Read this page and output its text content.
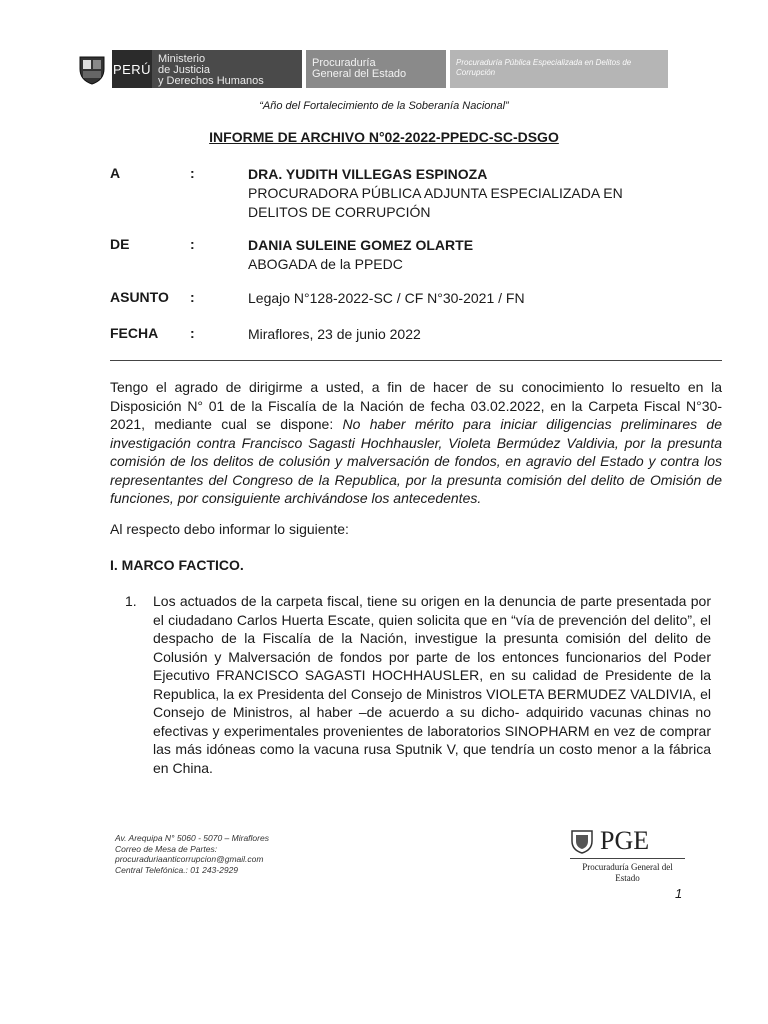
PERÚ
Ministerio
de Justicia
y Derechos Humanos
Procuraduría
General del Estado
Procuraduría Pública Especializada en Delitos de
Corrupción
“Año del Fortalecimiento de la Soberanía Nacional”
INFORME DE ARCHIVO N°02-2022-PPEDC-SC-DSGO
A	:	DRA. YUDITH VILLEGAS ESPINOZA
PROCURADORA PÚBLICA ADJUNTA ESPECIALIZADA EN
DELITOS DE CORRUPCIÓN
DE	:	DANIA SULEINE GOMEZ OLARTE
ABOGADA de la PPEDC
ASUNTO :	Legajo N°128-2022-SC / CF N°30-2021 / FN
FECHA :	Miraflores, 23 de junio 2022
Tengo el agrado de dirigirme a usted, a fin de hacer de su conocimiento lo resuelto en la Disposición N° 01 de la Fiscalía de la Nación de fecha 03.02.2022, en la Carpeta Fiscal N°30-2021, mediante cual se dispone: No haber mérito para iniciar diligencias preliminares de investigación contra Francisco Sagasti Hochhausler, Violeta Bermúdez Valdivia, por la presunta comisión de los delitos de colusión y malversación de fondos, en agravio del Estado y contra los representantes del Congreso de la Republica, por la presunta comisión del delito de Omisión de funciones, por consiguiente archivándose los antecedentes.
Al respecto debo informar lo siguiente:
I. MARCO FACTICO.
1. Los actuados de la carpeta fiscal, tiene su origen en la denuncia de parte presentada por el ciudadano Carlos Huerta Escate, quien solicita que en “vía de prevención del delito”, el despacho de la Fiscalía de la Nación, investigue la presunta comisión del delito de Colusión y Malversación de fondos por parte de los entonces funcionarios del Poder Ejecutivo FRANCISCO SAGASTI HOCHHAUSLER, en su calidad de Presidente de la Republica, la ex Presidenta del Consejo de Ministros VIOLETA BERMUDEZ VALDIVIA, el Consejo de Ministros, al haber –de acuerdo a su dicho- adquirido vacunas chinas no efectivas y experimentales provenientes de laboratorios SINOPHARM en vez de comprar las más idóneas como la vacuna rusa Sputnik V, que tendría un costo menor a la fábrica en China.
Av. Arequipa N° 5060 - 5070 – Miraflores
Correo de Mesa de Partes:
procuraduriaanticorrupcion@gmail.com
Central Telefónica.: 01 243-2929
PGE
Procuraduría General del
Estado
1
